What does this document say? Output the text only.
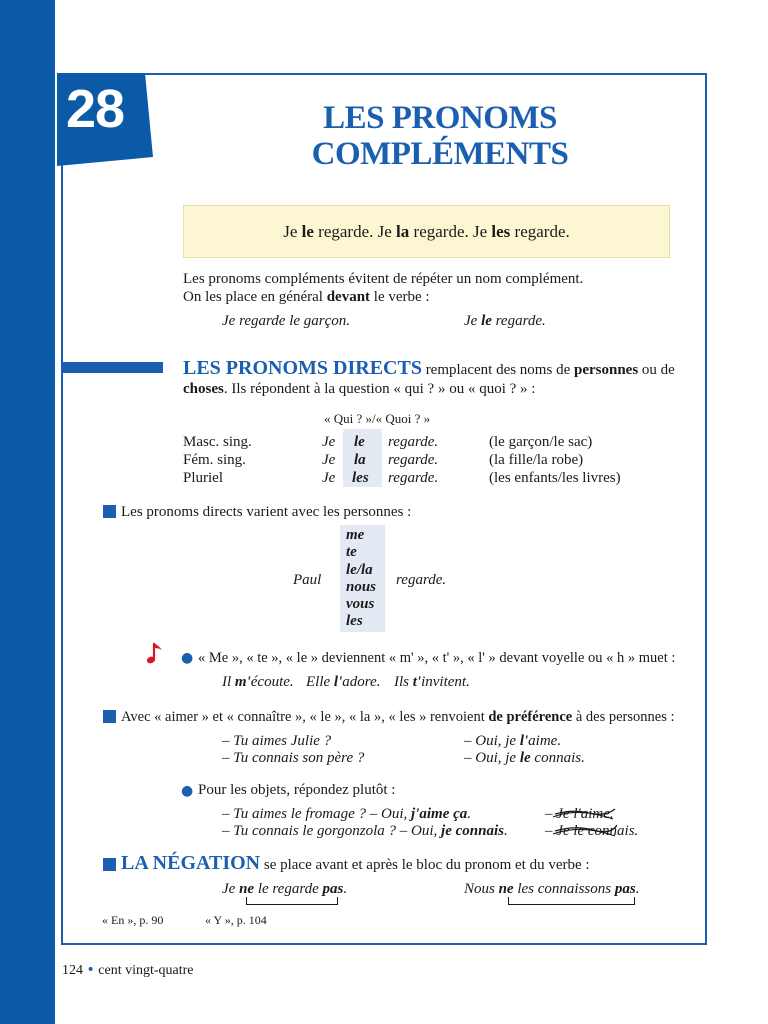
28	LES PRONOMS
COMPLÉMENTS
Je le regarde. Je la regarde. Je les regarde.
Les pronoms compléments évitent de répéter un nom complément.
On les place en général devant le verbe :
Je regarde le garçon.	Je le regarde.
LES PRONOMS DIRECTS remplacent des noms de personnes ou de
choses. Ils répondent à la question « qui ? » ou « quoi ? » :
« Qui ? »/« Quoi ? »
Masc. sing.	Je le regarde.	(le garçon/le sac)
Fém. sing.	Je la regarde.	(la fille/la robe)
Pluriel	Je les regarde.	(les enfants/les livres)
Les pronoms directs varient avec les personnes :
Paul	regarde.
me
te
le/la
nous
vous
les
● « Me », « te », « le » deviennent « m' », « t' », « l' » devant voyelle ou « h » muet :
Il m'écoute. Elle l'adore. Ils t'invitent.
Avec « aimer » et « connaître », « le », « la », « les » renvoient de préférence à des personnes :
– Tu aimes Julie ?	– Oui, je l'aime.
– Tu connais son père ?	– Oui, je le connais.
● Pour les objets, répondez plutôt :
– Tu aimes le fromage ? – Oui, j'aime ça.
– Tu connais le gorgonzola ? – Oui, je connais.
– Je l'aime.
– Je le connais.
LA NÉGATION se place avant et après le bloc du pronom et du verbe :
Je ne le regarde pas.	Nous ne les connaissons pas.
« En », p. 90	« Y », p. 104
124 • cent vingt-quatre
